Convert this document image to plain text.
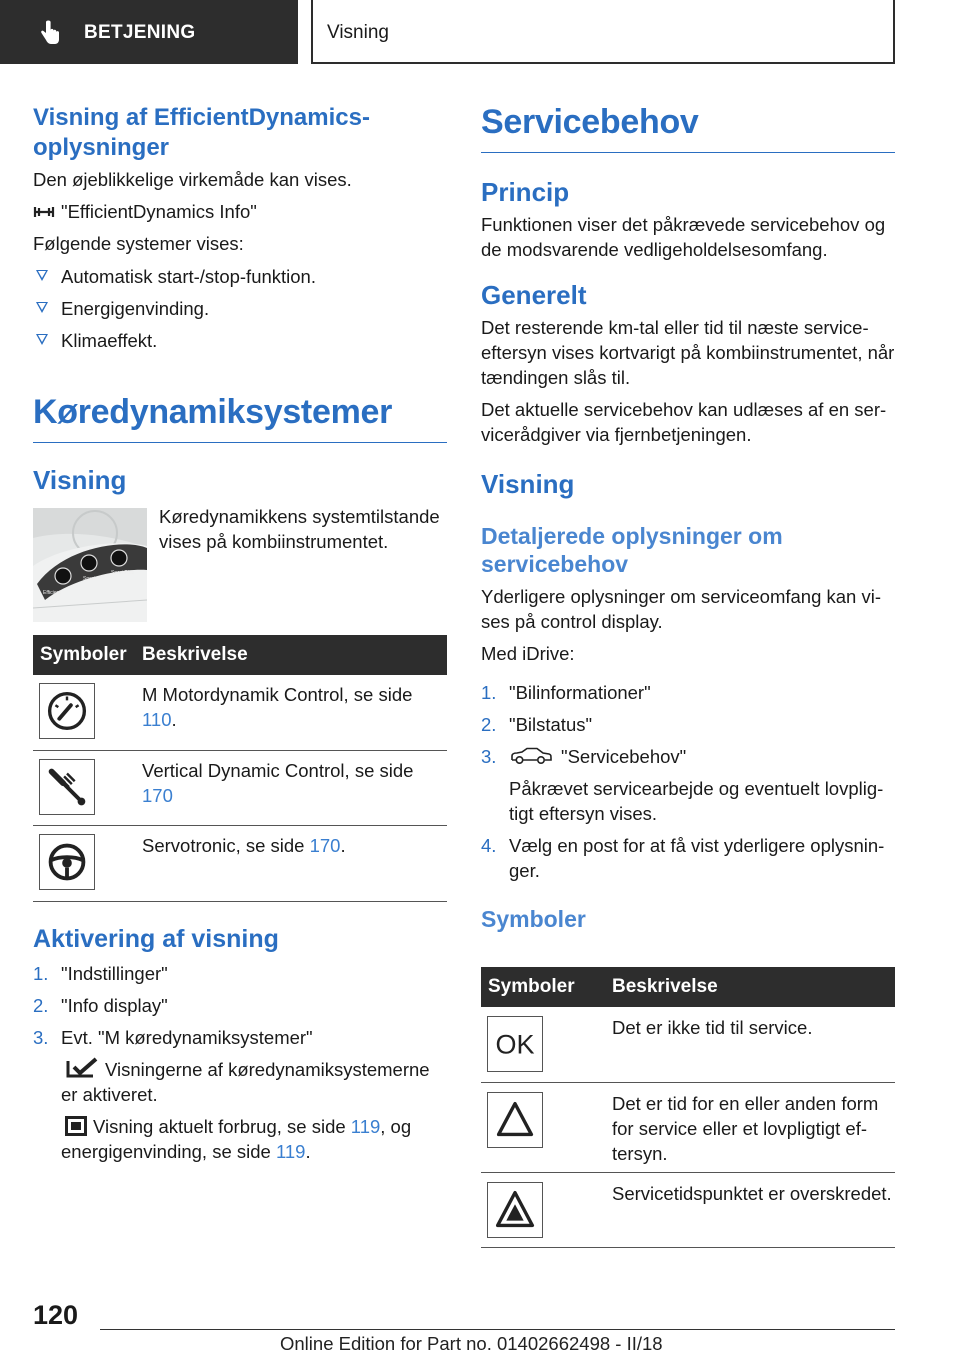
BETJENING	Visning
Visning af EfficientDynamics-oplysninger

Den øjeblikkelige virkemåde kan vises.

"EfficientDynamics Info"

Følgende systemer vises:

Automatisk start-/stop-funktion.
Energigenvinding.
Klimaeffekt.
Køredynamiksystemer
Visning
Efficient
Sport
Sport Plus

Køredynamikkens systemtilstande vises på kombiinstrumentet.

Symboler	Beskrivelse

	M Motordynamik Control, se side 110.

	Vertical Dynamic Control, se side 170

	Servotronic, se side 170.
Aktivering af visning
1. "Indstillinger"
2. "Info display"
3. Evt. "M køredynamiksystemer"
Visningerne af køredynamiksystemerne er aktiveret.
Visning aktuelt forbrug, se side 119, og energigenvinding, se side 119.
Servicebehov
Princip

Funktionen viser det påkrævede servicebehov og de modsvarende vedligeholdelsesomfang.

Generelt

Det resterende km-tal eller tid til næste serviceeftersyn vises kortvarigt på kombiinstrumentet, når tændingen slås til.

Det aktuelle servicebehov kan udlæses af en servicerådgiver via fjernbetjeningen.

Visning
Detaljerede oplysninger om servicebehov

Yderligere oplysninger om serviceomfang kan vises på control display.

Med iDrive:

1. "Bilinformationer"
2. "Bilstatus"
3.	"Servicebehov"
Påkrævet servicearbejde og eventuelt lovpligtigt eftersyn vises.
4. Vælg en post for at få vist yderligere oplysninger.
Symboler
Symboler	Beskrivelse

OK	Det er ikke tid til service.

	Det er tid for en eller anden form for service eller et lovpligtigt eftersyn.

	Servicetidspunktet er overskredet.
120
Online Edition for Part no. 01402662498 - II/18
